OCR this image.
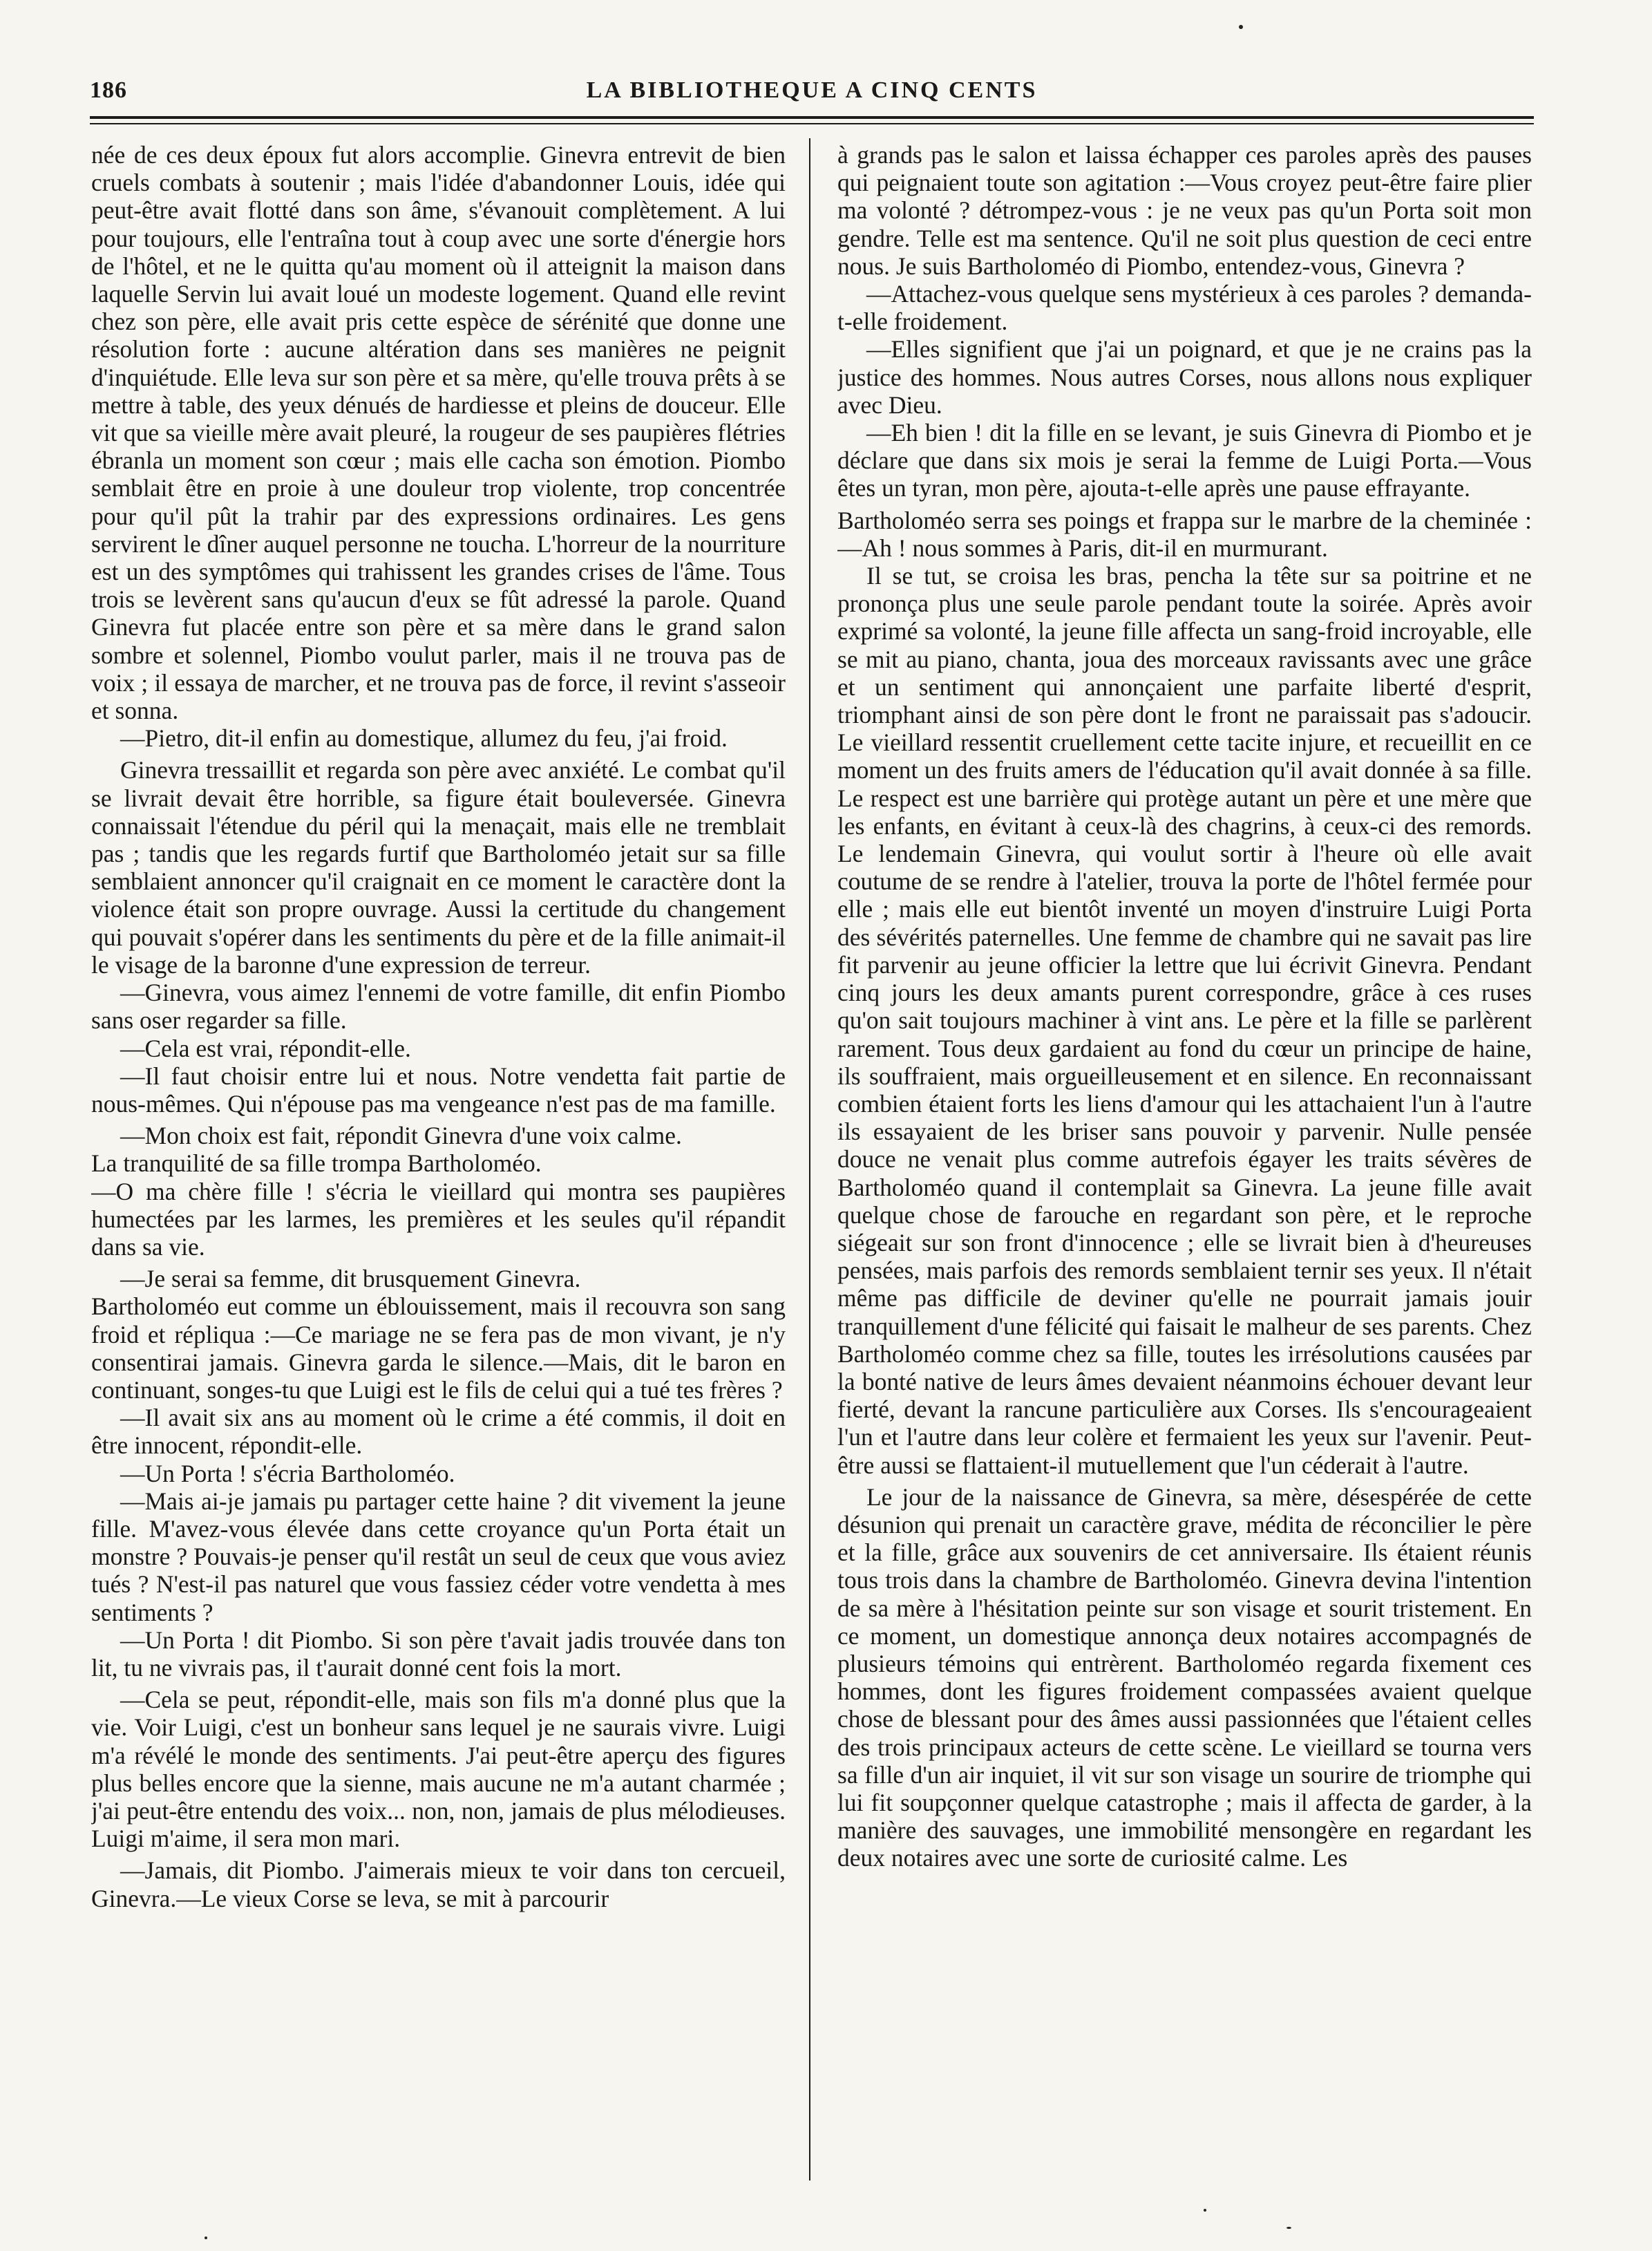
186	LA BIBLIOTHEQUE A CINQ CENTS

née de ces deux époux fut alors accomplie. Ginevra entrevit de bien cruels combats à soutenir ; mais l'idée d'abandonner Louis, idée qui peut-être avait flotté dans son âme, s'évanouit complètement. A lui pour toujours, elle l'entraîna tout à coup avec une sorte d'énergie hors de l'hôtel, et ne le quitta qu'au moment où il atteignit la maison dans laquelle Servin lui avait loué un modeste logement. Quand elle revint chez son père, elle avait pris cette espèce de sérénité que donne une résolution forte : aucune altération dans ses manières ne peignit d'inquiétude. Elle leva sur son père et sa mère, qu'elle trouva prêts à se mettre à table, des yeux dénués de hardiesse et pleins de douceur. Elle vit que sa vieille mère avait pleuré, la rougeur de ses paupières flétries ébranla un moment son cœur ; mais elle cacha son émotion. Piombo semblait être en proie à une douleur trop violente, trop concentrée pour qu'il pût la trahir par des expressions ordinaires. Les gens servirent le dîner auquel personne ne toucha. L'horreur de la nourriture est un des symptômes qui trahissent les grandes crises de l'âme. Tous trois se levèrent sans qu'aucun d'eux se fût adressé la parole. Quand Ginevra fut placée entre son père et sa mère dans le grand salon sombre et solennel, Piombo voulut parler, mais il ne trouva pas de voix ; il essaya de marcher, et ne trouva pas de force, il revint s'asseoir et sonna.

—Pietro, dit-il enfin au domestique, allumez du feu, j'ai froid.

Ginevra tressaillit et regarda son père avec anxiété. Le combat qu'il se livrait devait être horrible, sa figure était bouleversée. Ginevra connaissait l'étendue du péril qui la menaçait, mais elle ne tremblait pas ; tandis que les regards furtif que Bartholoméo jetait sur sa fille semblaient annoncer qu'il craignait en ce moment le caractère dont la violence était son propre ouvrage. Aussi la certitude du changement qui pouvait s'opérer dans les sentiments du père et de la fille animait-il le visage de la baronne d'une expression de terreur.

—Ginevra, vous aimez l'ennemi de votre famille, dit enfin Piombo sans oser regarder sa fille.

—Cela est vrai, répondit-elle.

—Il faut choisir entre lui et nous. Notre vendetta fait partie de nous-mêmes. Qui n'épouse pas ma vengeance n'est pas de ma famille.

—Mon choix est fait, répondit Ginevra d'une voix calme.

La tranquilité de sa fille trompa Bartholoméo.

—O ma chère fille ! s'écria le vieillard qui montra ses paupières humectées par les larmes, les premières et les seules qu'il répandit dans sa vie.

—Je serai sa femme, dit brusquement Ginevra.

Bartholoméo eut comme un éblouissement, mais il recouvra son sang froid et répliqua :—Ce mariage ne se fera pas de mon vivant, je n'y consentirai jamais. Ginevra garda le silence.—Mais, dit le baron en continuant, songes-tu que Luigi est le fils de celui qui a tué tes frères ?

—Il avait six ans au moment où le crime a été commis, il doit en être innocent, répondit-elle.

—Un Porta ! s'écria Bartholoméo.

—Mais ai-je jamais pu partager cette haine ? dit vivement la jeune fille. M'avez-vous élevée dans cette croyance qu'un Porta était un monstre ? Pouvais-je penser qu'il restât un seul de ceux que vous aviez tués ? N'est-il pas naturel que vous fassiez céder votre vendetta à mes sentiments ?

—Un Porta ! dit Piombo. Si son père t'avait jadis trouvée dans ton lit, tu ne vivrais pas, il t'aurait donné cent fois la mort.

—Cela se peut, répondit-elle, mais son fils m'a donné plus que la vie. Voir Luigi, c'est un bonheur sans lequel je ne saurais vivre. Luigi m'a révélé le monde des sentiments. J'ai peut-être aperçu des figures plus belles encore que la sienne, mais aucune ne m'a autant charmée ; j'ai peut-être entendu des voix... non, non, jamais de plus mélodieuses. Luigi m'aime, il sera mon mari.

—Jamais, dit Piombo. J'aimerais mieux te voir dans ton cercueil, Ginevra.—Le vieux Corse se leva, se mit à parcourir

à grands pas le salon et laissa échapper ces paroles après des pauses qui peignaient toute son agitation :—Vous croyez peut-être faire plier ma volonté ? détrompez-vous : je ne veux pas qu'un Porta soit mon gendre. Telle est ma sentence. Qu'il ne soit plus question de ceci entre nous. Je suis Bartholoméo di Piombo, entendez-vous, Ginevra ?

—Attachez-vous quelque sens mystérieux à ces paroles ? demanda-t-elle froidement.

—Elles signifient que j'ai un poignard, et que je ne crains pas la justice des hommes. Nous autres Corses, nous allons nous expliquer avec Dieu.

—Eh bien ! dit la fille en se levant, je suis Ginevra di Piombo et je déclare que dans six mois je serai la femme de Luigi Porta.—Vous êtes un tyran, mon père, ajouta-t-elle après une pause effrayante.

Bartholoméo serra ses poings et frappa sur le marbre de la cheminée :—Ah ! nous sommes à Paris, dit-il en murmurant.

Il se tut, se croisa les bras, pencha la tête sur sa poitrine et ne prononça plus une seule parole pendant toute la soirée. Après avoir exprimé sa volonté, la jeune fille affecta un sang-froid incroyable, elle se mit au piano, chanta, joua des morceaux ravissants avec une grâce et un sentiment qui annonçaient une parfaite liberté d'esprit, triomphant ainsi de son père dont le front ne paraissait pas s'adoucir. Le vieillard ressentit cruellement cette tacite injure, et recueillit en ce moment un des fruits amers de l'éducation qu'il avait donnée à sa fille. Le respect est une barrière qui protège autant un père et une mère que les enfants, en évitant à ceux-là des chagrins, à ceux-ci des remords. Le lendemain Ginevra, qui voulut sortir à l'heure où elle avait coutume de se rendre à l'atelier, trouva la porte de l'hôtel fermée pour elle ; mais elle eut bientôt inventé un moyen d'instruire Luigi Porta des sévérités paternelles. Une femme de chambre qui ne savait pas lire fit parvenir au jeune officier la lettre que lui écrivit Ginevra. Pendant cinq jours les deux amants purent correspondre, grâce à ces ruses qu'on sait toujours machiner à vint ans. Le père et la fille se parlèrent rarement. Tous deux gardaient au fond du cœur un principe de haine, ils souffraient, mais orgueilleusement et en silence. En reconnaissant combien étaient forts les liens d'amour qui les attachaient l'un à l'autre ils essayaient de les briser sans pouvoir y parvenir. Nulle pensée douce ne venait plus comme autrefois égayer les traits sévères de Bartholoméo quand il contemplait sa Ginevra. La jeune fille avait quelque chose de farouche en regardant son père, et le reproche siégeait sur son front d'innocence ; elle se livrait bien à d'heureuses pensées, mais parfois des remords semblaient ternir ses yeux. Il n'était même pas difficile de deviner qu'elle ne pourrait jamais jouir tranquillement d'une félicité qui faisait le malheur de ses parents. Chez Bartholoméo comme chez sa fille, toutes les irrésolutions causées par la bonté native de leurs âmes devaient néanmoins échouer devant leur fierté, devant la rancune particulière aux Corses. Ils s'encourageaient l'un et l'autre dans leur colère et fermaient les yeux sur l'avenir. Peut-être aussi se flattaient-il mutuellement que l'un céderait à l'autre.

Le jour de la naissance de Ginevra, sa mère, désespérée de cette désunion qui prenait un caractère grave, médita de réconcilier le père et la fille, grâce aux souvenirs de cet anniversaire. Ils étaient réunis tous trois dans la chambre de Bartholoméo. Ginevra devina l'intention de sa mère à l'hésitation peinte sur son visage et sourit tristement. En ce moment, un domestique annonça deux notaires accompagnés de plusieurs témoins qui entrèrent. Bartholoméo regarda fixement ces hommes, dont les figures froidement compassées avaient quelque chose de blessant pour des âmes aussi passionnées que l'étaient celles des trois principaux acteurs de cette scène. Le vieillard se tourna vers sa fille d'un air inquiet, il vit sur son visage un sourire de triomphe qui lui fit soupçonner quelque catastrophe ; mais il affecta de garder, à la manière des sauvages, une immobilité mensongère en regardant les deux notaires avec une sorte de curiosité calme. Les
